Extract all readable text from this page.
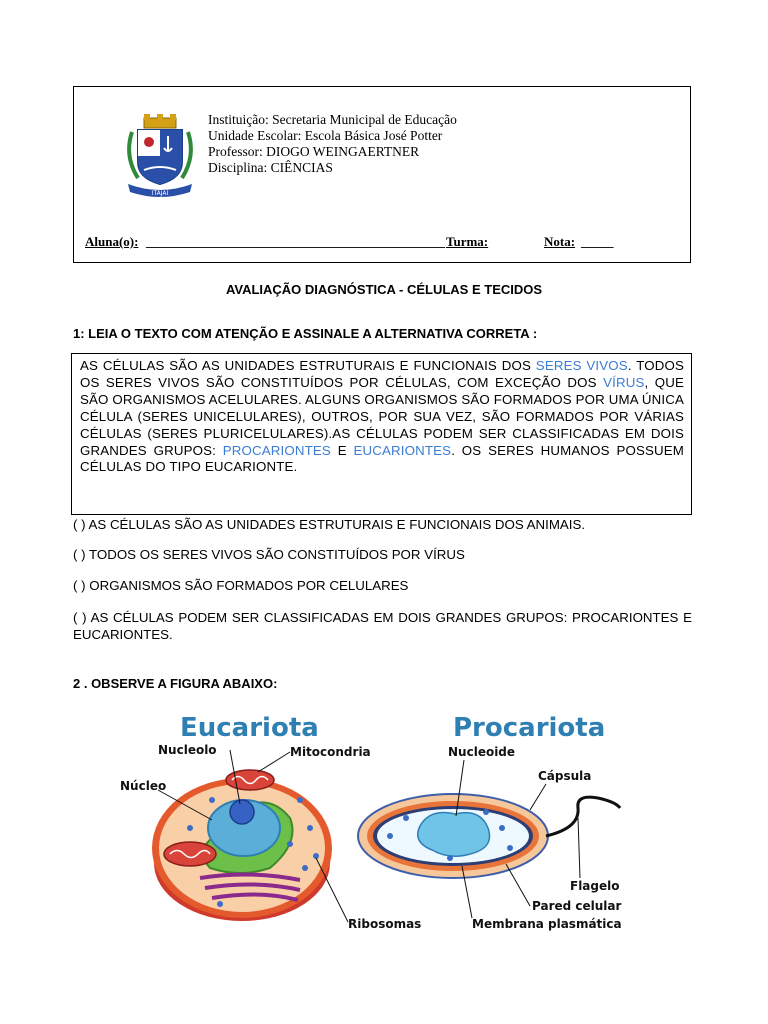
ITAJAÍ
Instituição: Secretaria Municipal de Educação
Unidade Escolar: Escola Básica José Potter
Professor: DIOGO WEINGAERTNER
Disciplina: CIÊNCIAS
Aluna(o): ______________________________________________ Turma:	Nota: _____
AVALIAÇÃO DIAGNÓSTICA - CÉLULAS E TECIDOS
1: LEIA O TEXTO COM ATENÇÃO E ASSINALE A ALTERNATIVA CORRETA :
AS CÉLULAS SÃO AS UNIDADES ESTRUTURAIS E FUNCIONAIS DOS SERES VIVOS. TODOS OS SERES VIVOS SÃO CONSTITUÍDOS POR CÉLULAS, COM EXCEÇÃO DOS VÍRUS, QUE SÃO ORGANISMOS ACELULARES. ALGUNS ORGANISMOS SÃO FORMADOS POR UMA ÚNICA CÉLULA (SERES UNICELULARES), OUTROS, POR SUA VEZ, SÃO FORMADOS POR VÁRIAS CÉLULAS (SERES PLURICELULARES).AS CÉLULAS PODEM SER CLASSIFICADAS EM DOIS GRANDES GRUPOS: PROCARIONTES E EUCARIONTES. OS SERES HUMANOS POSSUEM CÉLULAS DO TIPO EUCARIONTE.
( ) AS CÉLULAS SÃO AS UNIDADES ESTRUTURAIS E FUNCIONAIS DOS ANIMAIS.
( ) TODOS OS SERES VIVOS SÃO CONSTITUÍDOS POR VÍRUS
( ) ORGANISMOS SÃO FORMADOS POR CELULARES
( ) AS CÉLULAS PODEM SER CLASSIFICADAS EM DOIS GRANDES GRUPOS: PROCARIONTES E EUCARIONTES.
2 . OBSERVE A FIGURA ABAIXO:
Eucariota	Procariota
Nucleolo	Mitocondria
Núcleo
Ribosomas
Nucleoide
Cápsula
Flagelo
Pared celular
Membrana plasmática
